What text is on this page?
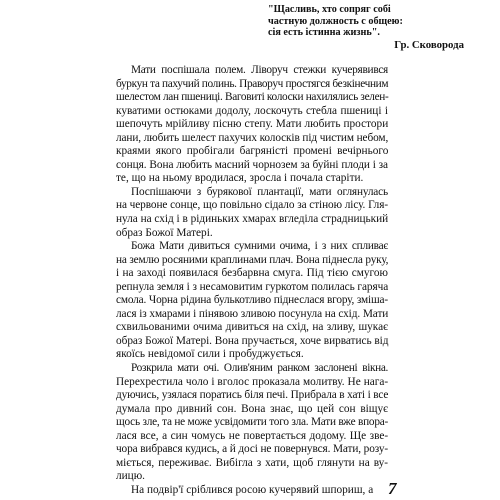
"Щасливь, хто сопряг собі
частную должность с общею:
сія есть істинна жизнь".
Гр. Сковорода
Мати поспішала полем. Ліворуч стежки кучерявився
буркун та пахучий полинь. Праворуч простягся безкінечним
шелестом лан пшениці. Ваговиті колоски нахилялись зелен-
куватими остюками додолу, лоскочуть стебла пшениці і
шепочуть мрійливу пісню степу. Мати любить простори
лани, любить шелест пахучих колосків під чистим небом,
краями якого пробігали багряністі промені вечірнього
сонця. Вона любить масний чорнозем за буйні плоди і за
те, що на ньому вродилася, зросла і почала старіти.
Поспішаючи з бурякової плантації, мати оглянулась
на червоне сонце, що повільно сідало за стіною лісу. Гля-
нула на схід і в рідиньких хмарах вгледіла страдницький
образ Божої Матері.
Божа Мати дивиться сумними очима, і з них спливає
на землю росяними краплинами плач. Вона піднесла руку,
і на заході появилася безбарвна смуга. Під тією смугою
репнула земля і з несамовитим гуркотом полилась гаряча
смола. Чорна рідина булькотливо піднеслася вгору, зміша-
лася із хмарами і пінявою зливою посунула на схід. Мати
схвильованими очима дивиться на схід, на зливу, шукає
образ Божої Матері. Вона пручається, хоче вирватись від
якоїсь невідомої сили і пробуджується.
Розкрила мати очі. Олив'яним ранком заслонені вікна.
Перехрестила чоло і вголос проказала молитву. Не нага-
дуючись, узялася поратись біля печі. Прибрала в хаті і все
думала про дивний сон. Вона знає, що цей сон віщує
щось зле, та не може усвідомити того зла. Мати вже впора-
лася все, а син чомусь не повертається додому. Ще зве-
чора вибрався кудись, а й досі не повернувся. Мати, розу-
міється, переживає. Вибігла з хати, щоб глянути на ву-
лицю.
На подвір'ї сріблився росою кучерявий шпориш, а 7
